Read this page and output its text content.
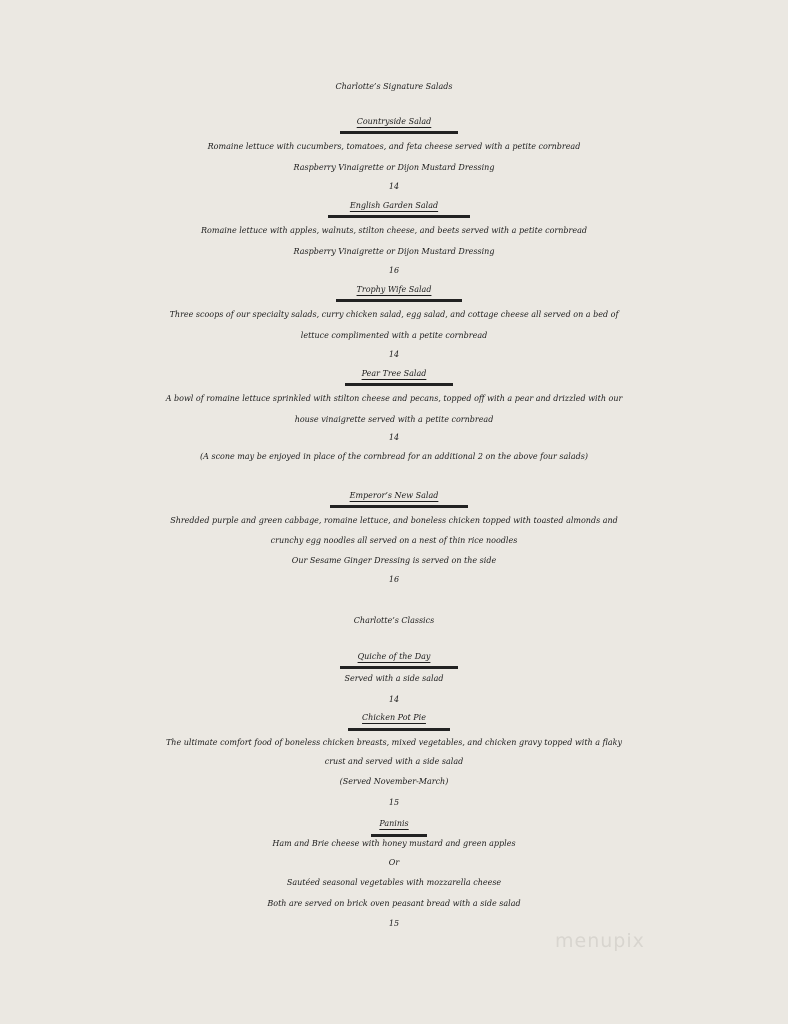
Charlotte’s Signature Salads
Countryside Salad
Romaine lettuce with cucumbers, tomatoes, and feta cheese served with a petite cornbread
Raspberry Vinaigrette or Dijon Mustard Dressing
14
English Garden Salad
Romaine lettuce with apples, walnuts, stilton cheese, and beets served with a petite cornbread
Raspberry Vinaigrette or Dijon Mustard Dressing
16
Trophy Wife Salad
Three scoops of our specialty salads, curry chicken salad, egg salad, and cottage cheese all served on a bed of
lettuce complimented with a petite cornbread
14
Pear Tree Salad
A bowl of romaine lettuce sprinkled with stilton cheese and pecans, topped off with a pear and drizzled with our
house vinaigrette served with a petite cornbread
14
(A scone may be enjoyed in place of the cornbread for an additional 2 on the above four salads)
Emperor’s New Salad
Shredded purple and green cabbage, romaine lettuce, and boneless chicken topped with toasted almonds and
crunchy egg noodles all served on a nest of thin rice noodles
Our Sesame Ginger Dressing is served on the side
16
Charlotte’s Classics
Quiche of the Day
Served with a side salad
14
Chicken Pot Pie
The ultimate comfort food of boneless chicken breasts, mixed vegetables, and chicken gravy topped with a flaky
crust and served with a side salad
(Served November-March)
15
Paninis
Ham and Brie cheese with honey mustard and green apples
Or
Sautéed seasonal vegetables with mozzarella cheese
Both are served on brick oven peasant bread with a side salad
15
menupix
